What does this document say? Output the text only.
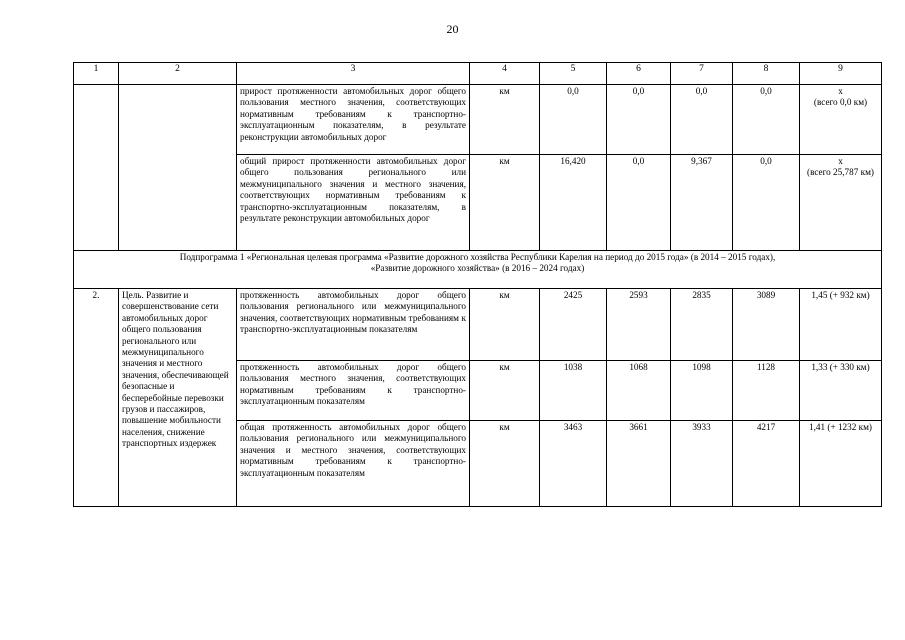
20
1	2	3	4	5	6	7	8	9
		прирост протяженности автомобильных дорог общего пользования местного значения, соответствующих нормативным требованиям к транспортно-эксплуатационным показателям, в результате реконструкции автомобильных дорог	км	0,0	0,0	0,0	0,0	х
(всего 0,0 км)

		общий прирост протяженности автомобильных дорог общего пользования регионального или межмуниципального значения и местного значения, соответствующих нормативным требованиям к транспортно-эксплуатационным показателям, в результате реконструкции автомобильных дорог	км	16,420	0,0	9,367	0,0	х
(всего 25,787 км)

Подпрограмма 1 «Региональная целевая программа «Развитие дорожного хозяйства Республики Карелия на период до 2015 года» (в 2014 – 2015 годах),
«Развитие дорожного хозяйства» (в 2016 – 2024 годах)								

2.	Цель. Развитие и совершенствование сети автомобильных дорог общего пользования регионального или межмуниципального значения и местного значения, обеспечивающей безопасные и бесперебойные перевозки грузов и пассажиров, повышение мобильности населения, снижение транспортных издержек	протяженность автомобильных дорог общего пользования регионального или межмуниципального значения, соответствующих нормативным требованиям к транспортно-эксплуатационным показателям	км	2425	2593	2835	3089	1,45 (+ 932 км)
		протяженность автомобильных дорог общего пользования местного значения, соответствующих нормативным требованиям к транспортно-эксплуатационным показателям	км	1038	1068	1098	1128	1,33 (+ 330 км)
		общая протяженность автомобильных дорог общего пользования регионального или межмуниципального значения и местного значения, соответствующих нормативным требованиям к транспортно-эксплуатационным показателям	км	3463	3661	3933	4217	1,41 (+ 1232 км)
